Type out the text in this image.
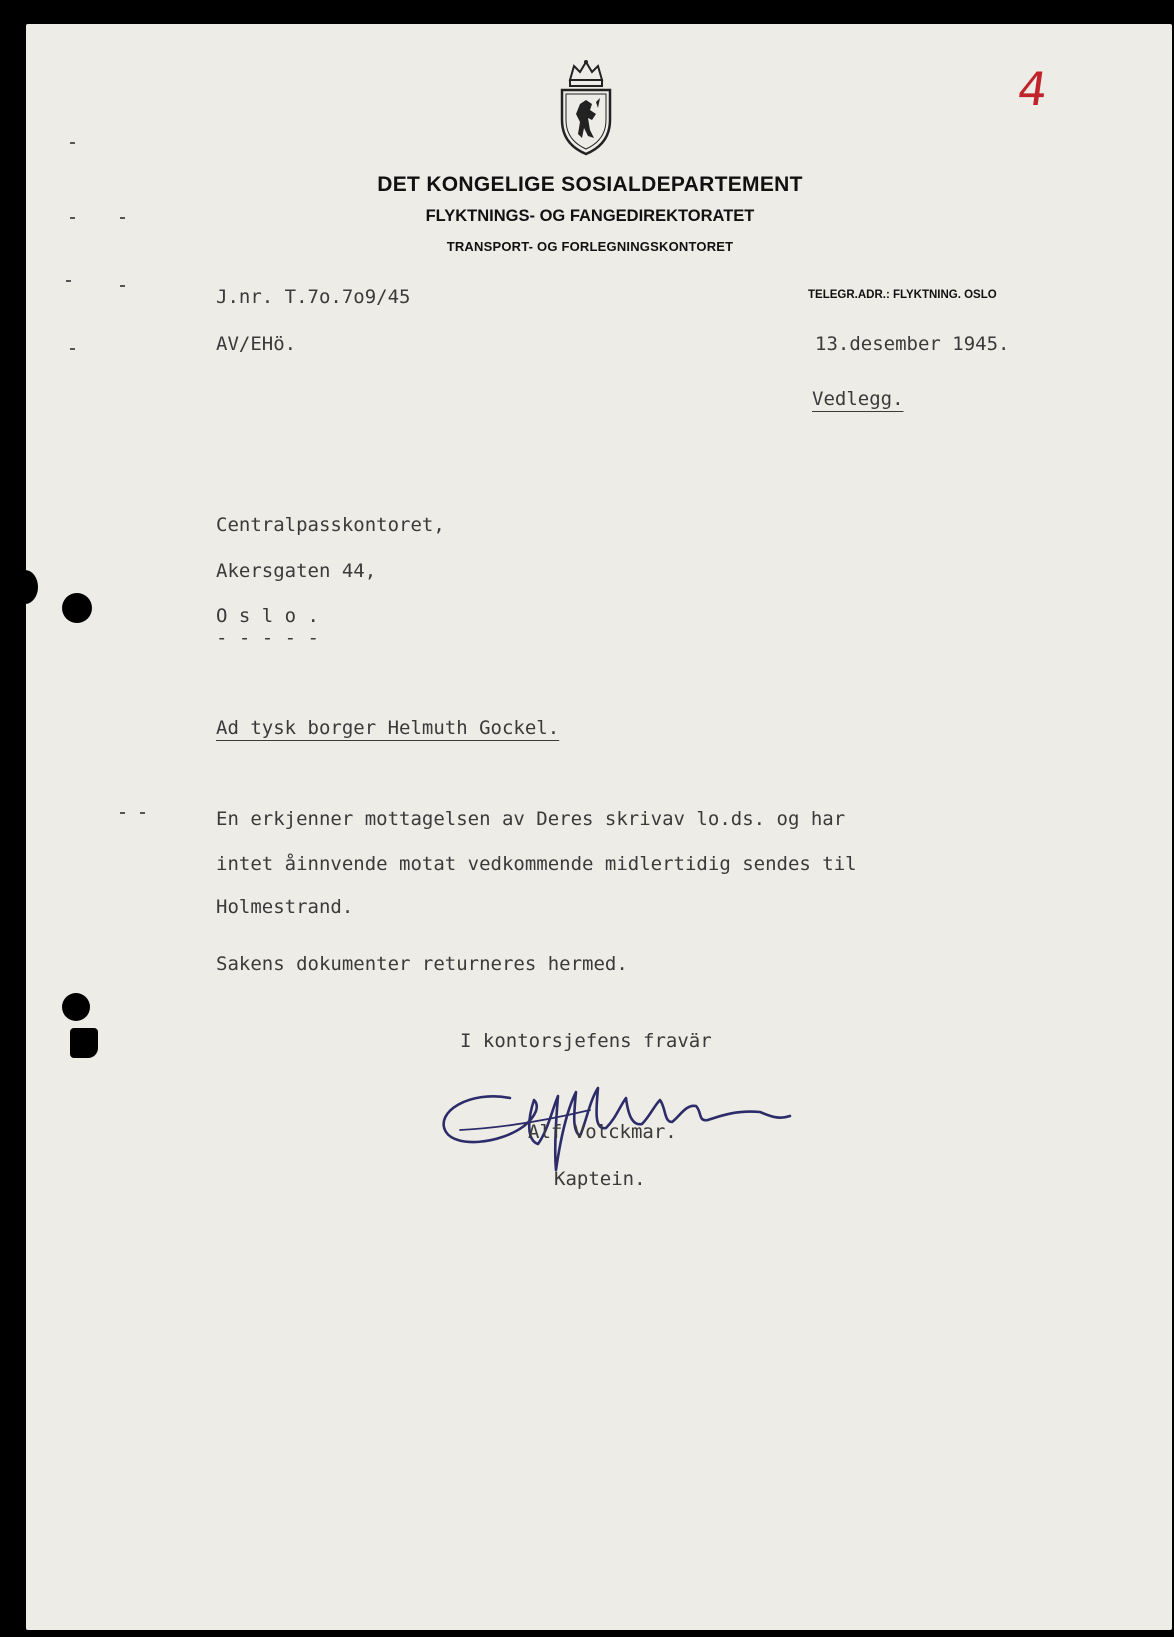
4
DET KONGELIGE SOSIALDEPARTEMENT
FLYKTNINGS- OG FANGEDIREKTORATET
TRANSPORT- OG FORLEGNINGSKONTORET
J.nr. T.7o.7o9/45	TELEGR.ADR.: FLYKTNING. OSLO
AV/EHö.	13.desember 1945.
Vedlegg.
Centralpasskontoret,
Akersgaten 44,
O s l o .
- - - - -
Ad tysk borger Helmuth Gockel.
En erkjenner mottagelsen av Deres skrivav lo.ds. og har
intet åinnvende motat vedkommende midlertidig sendes til
Holmestrand.
Sakens dokumenter returneres hermed.
I kontorsjefens fravär
Alf Volckmar.
Kaptein.
